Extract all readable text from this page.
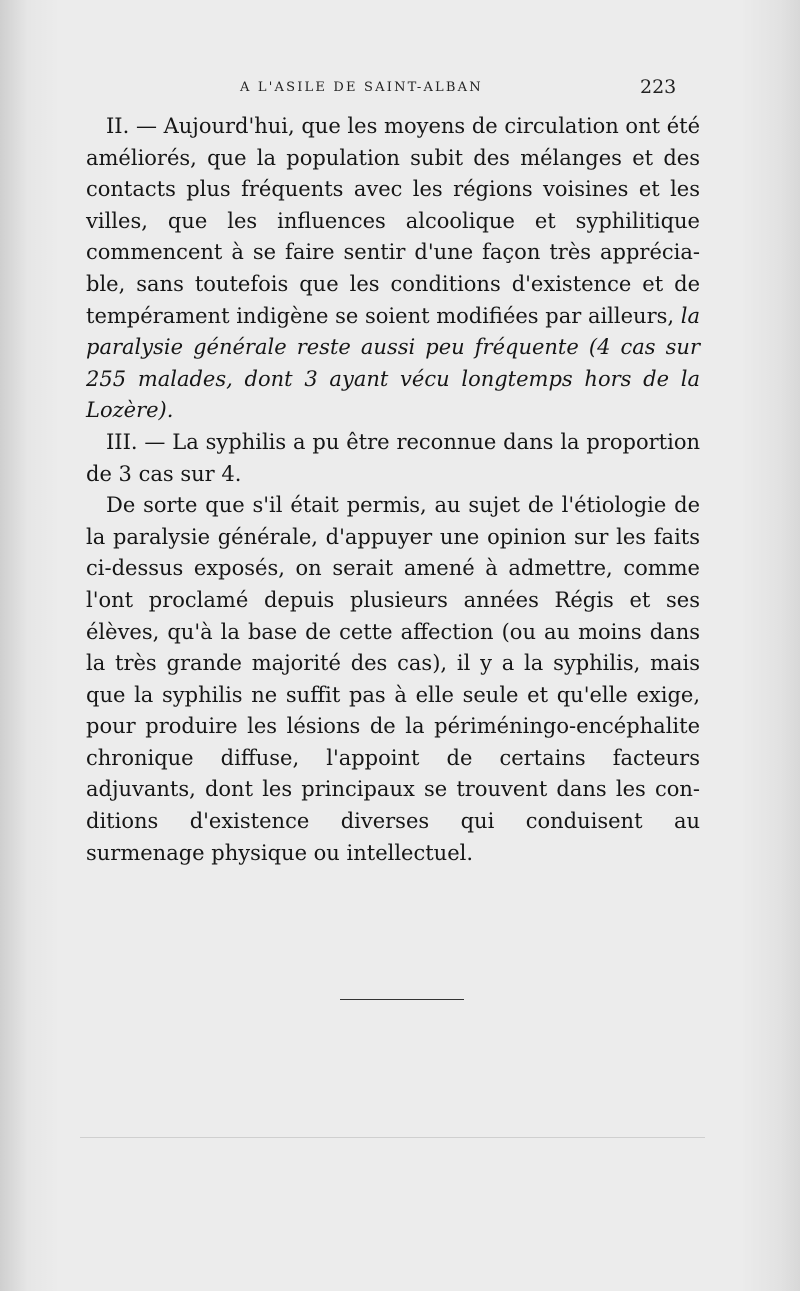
A L'ASILE DE SAINT-ALBAN	223

II. — Aujourd'hui, que les moyens de circulation ont été améliorés, que la population subit des mélanges et des contacts plus fréquents avec les régions voisines et les villes, que les influences alcoolique et syphilitique commencent à se faire sentir d'une façon très appréciable, sans toutefois que les conditions d'existence et de tempérament indigène se soient modifiées par ailleurs, la paralysie générale reste aussi peu fréquente (4 cas sur 255 malades, dont 3 ayant vécu longtemps hors de la Lozère).

III. — La syphilis a pu être reconnue dans la proportion de 3 cas sur 4.

De sorte que s'il était permis, au sujet de l'étiologie de la paralysie générale, d'appuyer une opinion sur les faits ci-dessus exposés, on serait amené à admettre, comme l'ont proclamé depuis plusieurs années Régis et ses élèves, qu'à la base de cette affection (ou au moins dans la très grande majorité des cas), il y a la syphilis, mais que la syphilis ne suffit pas à elle seule et qu'elle exige, pour produire les lésions de la périméningo-encéphalite chronique diffuse, l'appoint de certains facteurs adjuvants, dont les principaux se trouvent dans les conditions d'existence diverses qui conduisent au surmenage physique ou intellectuel.
